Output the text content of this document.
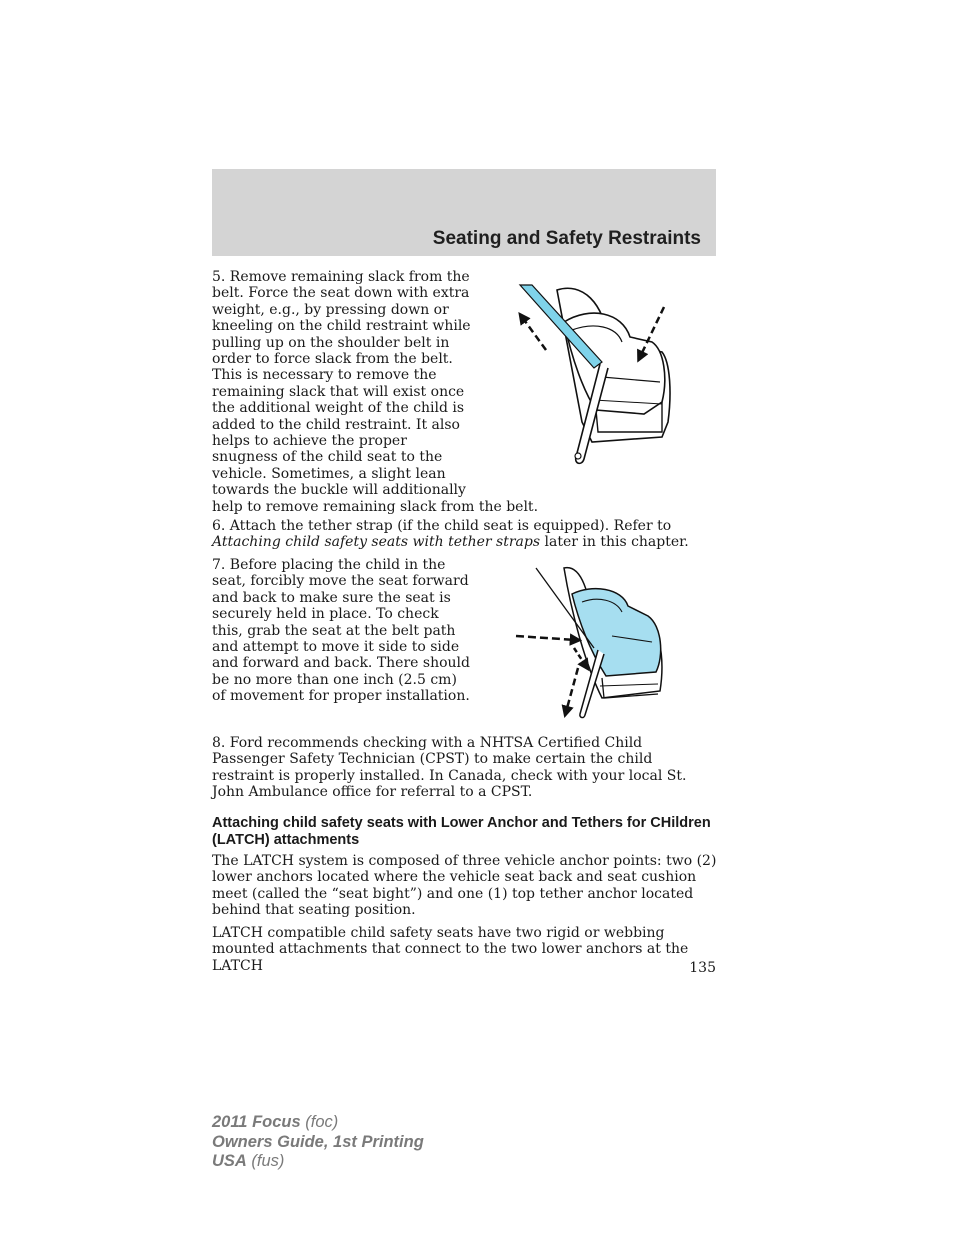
Seating and Safety Restraints
5. Remove remaining slack from the
belt. Force the seat down with extra
weight, e.g., by pressing down or
kneeling on the child restraint while
pulling up on the shoulder belt in
order to force slack from the belt.
This is necessary to remove the
remaining slack that will exist once
the additional weight of the child is
added to the child restraint. It also
helps to achieve the proper
snugness of the child seat to the
vehicle. Sometimes, a slight lean
towards the buckle will additionally
help to remove remaining slack from the belt.

6. Attach the tether strap (if the child seat is equipped). Refer to Attaching child safety seats with tether straps later in this chapter.

7. Before placing the child in the
seat, forcibly move the seat forward
and back to make sure the seat is
securely held in place. To check
this, grab the seat at the belt path
and attempt to move it side to side
and forward and back. There should
be no more than one inch (2.5 cm)
of movement for proper installation.

8. Ford recommends checking with a NHTSA Certified Child Passenger Safety Technician (CPST) to make certain the child restraint is properly installed. In Canada, check with your local St. John Ambulance office for referral to a CPST.

Attaching child safety seats with Lower Anchor and Tethers for CHildren (LATCH) attachments

The LATCH system is composed of three vehicle anchor points: two (2) lower anchors located where the vehicle seat back and seat cushion meet (called the “seat bight”) and one (1) top tether anchor located behind that seating position.

LATCH compatible child safety seats have two rigid or webbing mounted attachments that connect to the two lower anchors at the LATCH	135
2011 Focus (foc)
Owners Guide, 1st Printing
USA (fus)
